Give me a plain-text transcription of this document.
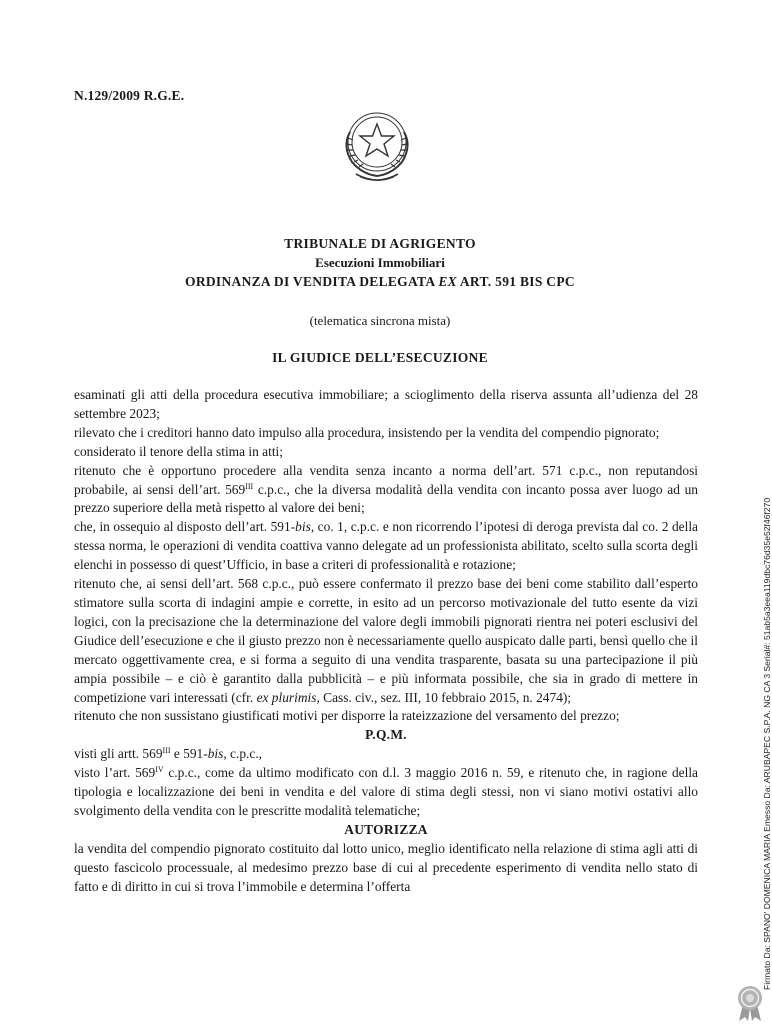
N.129/2009 R.G.E.
TRIBUNALE DI AGRIGENTO
Esecuzioni Immobiliari
ORDINANZA DI VENDITA DELEGATA EX ART. 591 BIS CPC
(telematica sincrona mista)
IL GIUDICE DELL’ESECUZIONE

esaminati gli atti della procedura esecutiva immobiliare; a scioglimento della riserva assunta all’udienza del 28 settembre 2023;

rilevato che i creditori hanno dato impulso alla procedura, insistendo per la vendita del compendio pignorato;

considerato il tenore della stima in atti;

ritenuto che è opportuno procedere alla vendita senza incanto a norma dell’art. 571 c.p.c., non reputandosi probabile, ai sensi dell’art. $569^{III}$ c.p.c., che la diversa modalità della vendita con incanto possa aver luogo ad un prezzo superiore della metà rispetto al valore dei beni;

che, in ossequio al disposto dell’art. 591-bis, co. 1, c.p.c. e non ricorrendo l’ipotesi di deroga prevista dal co. 2 della stessa norma, le operazioni di vendita coattiva vanno delegate ad un professionista abilitato, scelto sulla scorta degli elenchi in possesso di quest’Ufficio, in base a criteri di professionalità e rotazione;

ritenuto che, ai sensi dell’art. 568 c.p.c., può essere confermato il prezzo base dei beni come stabilito dall’esperto stimatore sulla scorta di indagini ampie e corrette, in esito ad un percorso motivazionale del tutto esente da vizi logici, con la precisazione che la determinazione del valore degli immobili pignorati rientra nei poteri esclusivi del Giudice dell’esecuzione e che il giusto prezzo non è necessariamente quello auspicato dalle parti, bensì quello che il mercato oggettivamente crea, e si forma a seguito di una vendita trasparente, basata su una partecipazione il più ampia possibile – e ciò è garantito dalla pubblicità – e più informata possibile, che sia in grado di mettere in competizione vari interessati (cfr. ex plurimis, Cass. civ., sez. III, 10 febbraio 2015, n. 2474);

ritenuto che non sussistano giustificati motivi per disporre la rateizzazione del versamento del prezzo;

P.Q.M.

visti gli artt. $569^{III}$ e 591-bis, c.p.c.,

visto l’art. $569^{IV}$ c.p.c., come da ultimo modificato con d.l. 3 maggio 2016 n. 59, e ritenuto che, in ragione della tipologia e localizzazione dei beni in vendita e del valore di stima degli stessi, non vi siano motivi ostativi allo svolgimento della vendita con le prescritte modalità telematiche;

AUTORIZZA

la vendita del compendio pignorato costituito dal lotto unico, meglio identificato nella relazione di stima agli atti di questo fascicolo processuale, al medesimo prezzo base di cui al precedente esperimento di vendita nello stato di fatto e di diritto in cui si trova l’immobile e determina l’offerta	Firmato Da: SPANO' DOMENICA MARIA Emesso Da: ARUBAPEC S.P.A. NG CA 3 Serial#: 51ab5a3eea119dbc76d35e52f46f270
